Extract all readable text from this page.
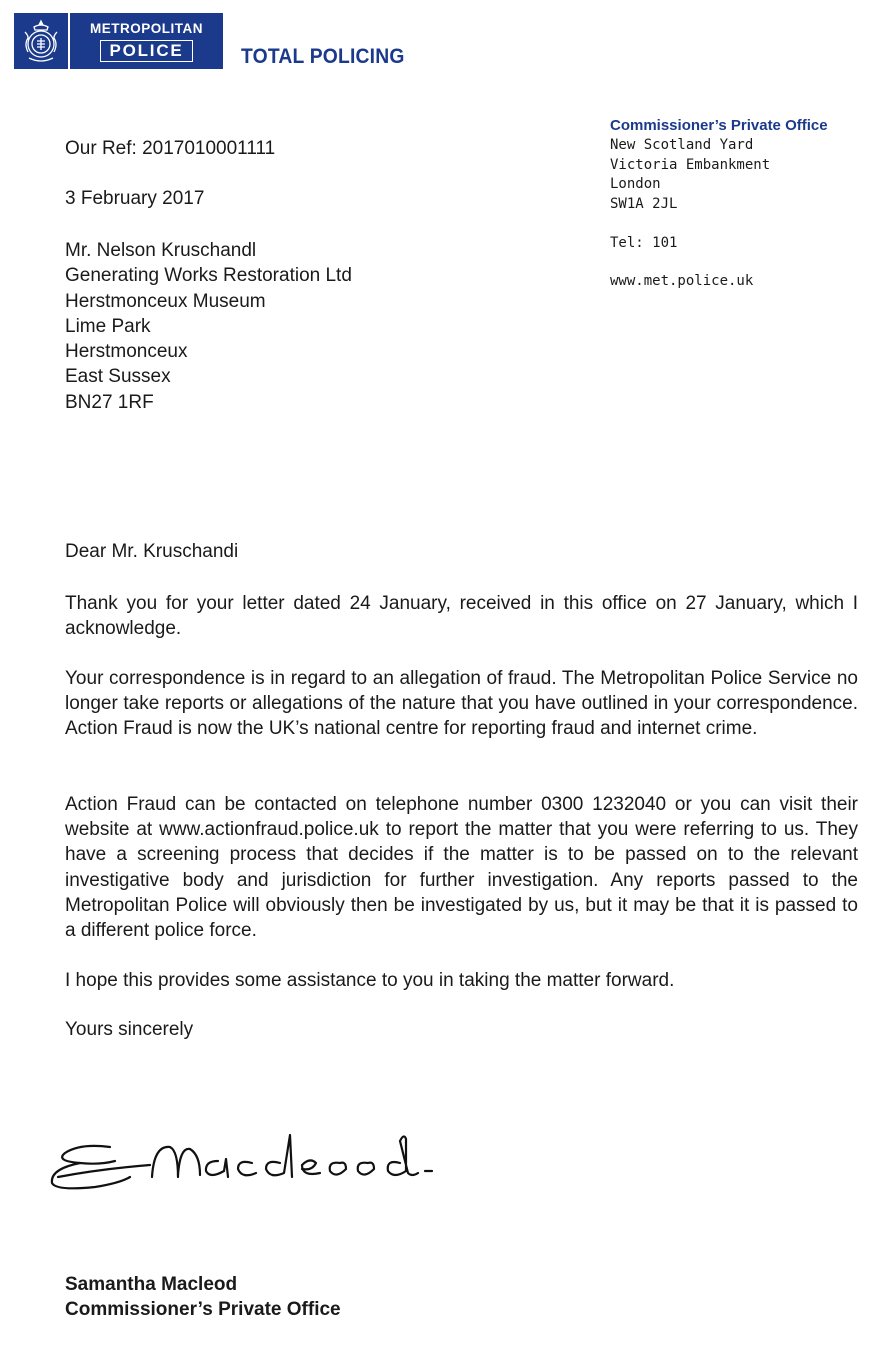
METROPOLITAN
POLICE	TOTAL POLICING
Commissioner’s Private Office
New Scotland Yard
Victoria Embankment
London
SW1A 2JL
Tel: 101
www.met.police.uk
Our Ref: 2017010001111
3 February 2017
Mr. Nelson Kruschandl
Generating Works Restoration Ltd
Herstmonceux Museum
Lime Park
Herstmonceux
East Sussex
BN27 1RF
Dear Mr. Kruschandi
Thank you for your letter dated 24 January, received in this office on 27 January, which I acknowledge.
Your correspondence is in regard to an allegation of fraud. The Metropolitan Police Service no longer take reports or allegations of the nature that you have outlined in your correspondence. Action Fraud is now the UK’s national centre for reporting fraud and internet crime.
Action Fraud can be contacted on telephone number 0300 1232040 or you can visit their website at www.actionfraud.police.uk to report the matter that you were referring to us. They have a screening process that decides if the matter is to be passed on to the relevant investigative body and jurisdiction for further investigation. Any reports passed to the Metropolitan Police will obviously then be investigated by us, but it may be that it is passed to a different police force.
I hope this provides some assistance to you in taking the matter forward.
Yours sincerely
Samantha Macleod
Commissioner’s Private Office
